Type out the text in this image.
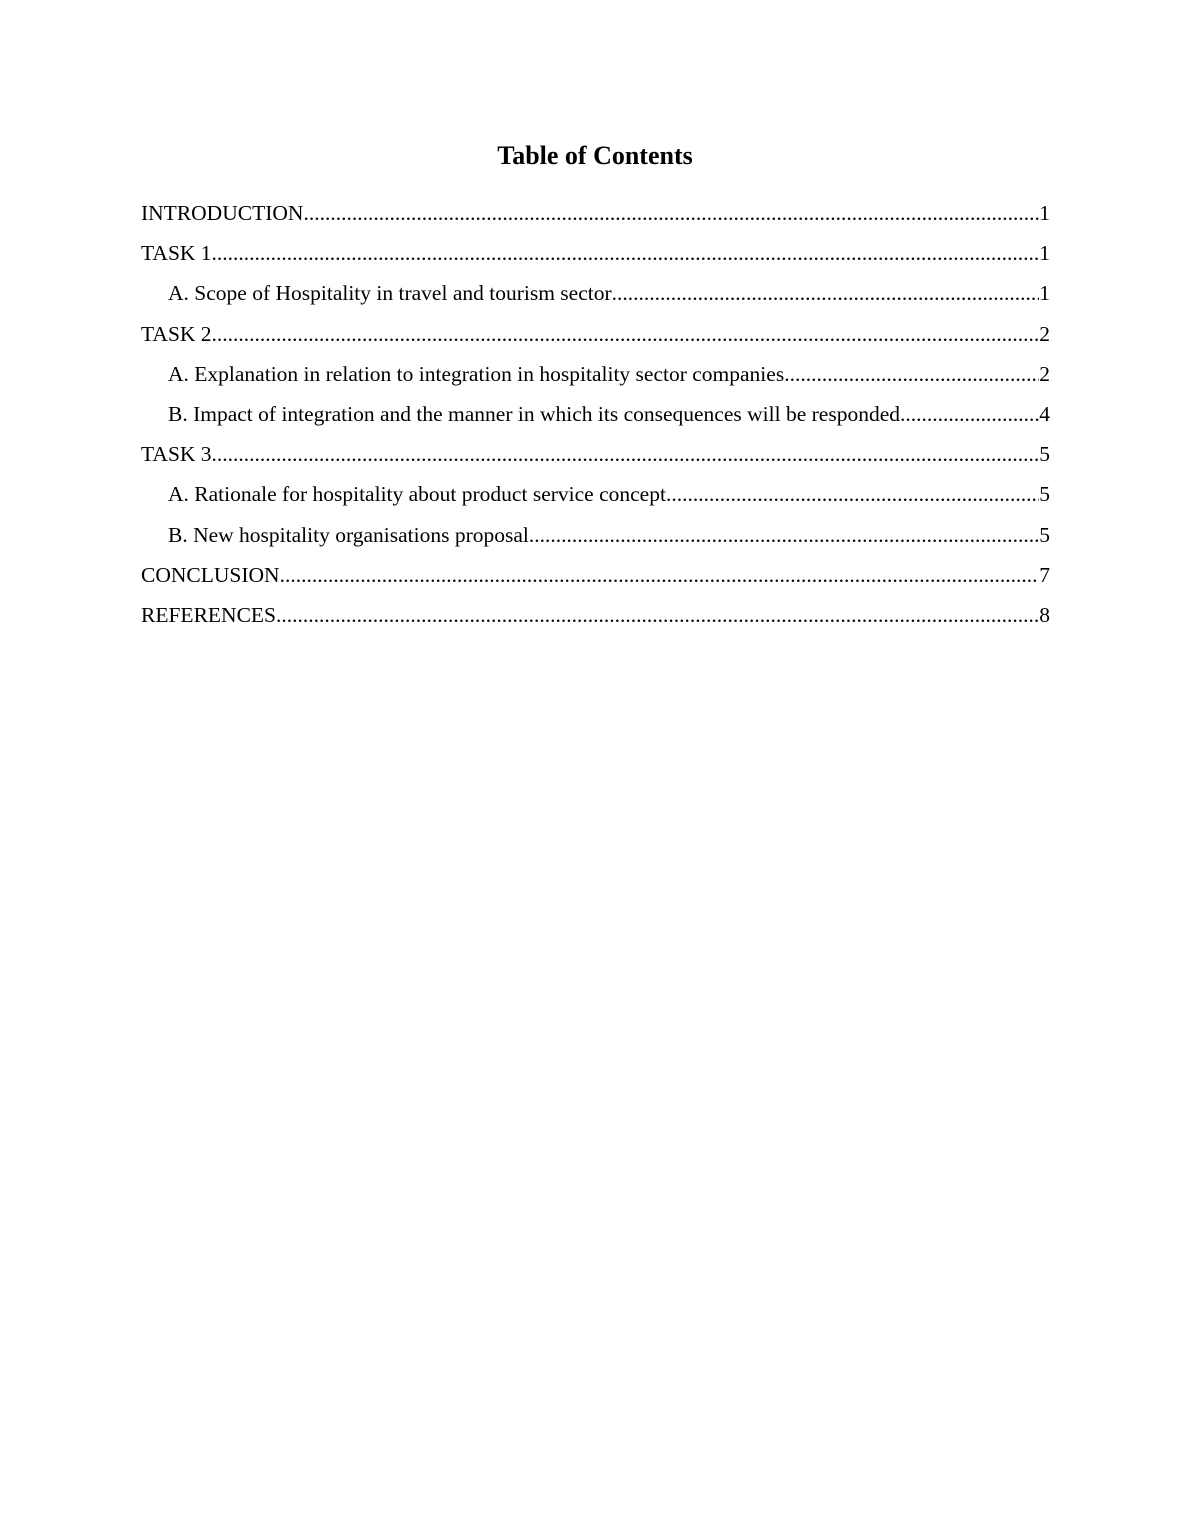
Table of Contents
INTRODUCTION .....	1
TASK 1 .....	1
A. Scope of Hospitality in travel and tourism sector .....	1
TASK 2 .....	2
A. Explanation in relation to integration in hospitality sector companies .....	2
B. Impact of integration and the manner in which its consequences will be responded .....	4
TASK 3 .....	5
A. Rationale for hospitality about product service concept .....	5
B. New hospitality organisations proposal .....	5
CONCLUSION .....	7
REFERENCES .....	8
